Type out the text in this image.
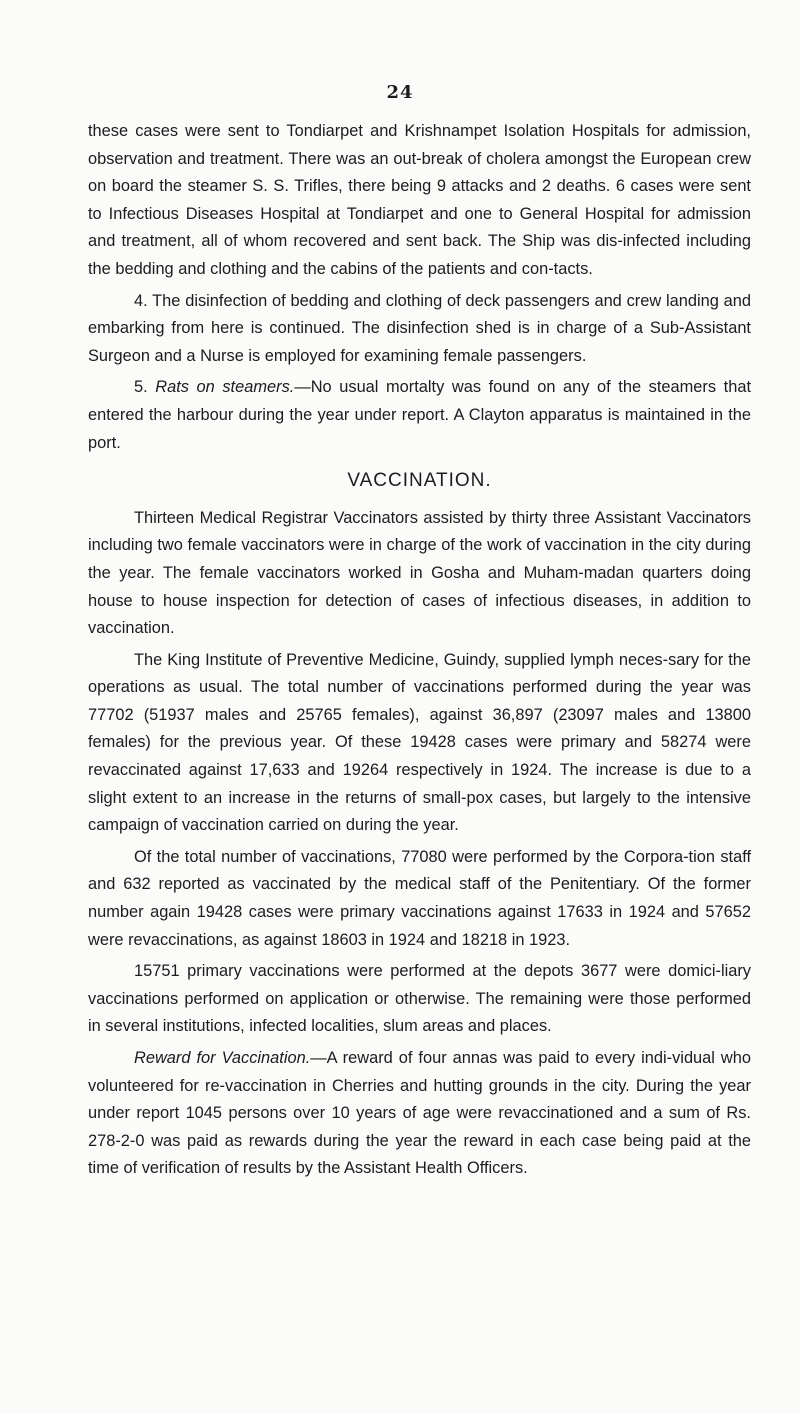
24

these cases were sent to Tondiarpet and Krishnampet Isolation Hospitals for admission, observation and treatment. There was an out-break of cholera amongst the European crew on board the steamer S. S. Trifles, there being 9 attacks and 2 deaths. 6 cases were sent to Infectious Diseases Hospital at Tondiarpet and one to General Hospital for admission and treatment, all of whom recovered and sent back. The Ship was dis-infected including the bedding and clothing and the cabins of the patients and con-tacts.

4. The disinfection of bedding and clothing of deck passengers and crew landing and embarking from here is continued. The disinfection shed is in charge of a Sub-Assistant Surgeon and a Nurse is employed for examining female passengers.

5. Rats on steamers.—No usual mortalty was found on any of the steamers that entered the harbour during the year under report. A Clayton apparatus is maintained in the port.

VACCINATION.

Thirteen Medical Registrar Vaccinators assisted by thirty three Assistant Vaccinators including two female vaccinators were in charge of the work of vaccination in the city during the year. The female vaccinators worked in Gosha and Muham-madan quarters doing house to house inspection for detection of cases of infectious diseases, in addition to vaccination.

The King Institute of Preventive Medicine, Guindy, supplied lymph neces-sary for the operations as usual. The total number of vaccinations performed during the year was 77702 (51937 males and 25765 females), against 36,897 (23097 males and 13800 females) for the previous year. Of these 19428 cases were primary and 58274 were revaccinated against 17,633 and 19264 respectively in 1924. The increase is due to a slight extent to an increase in the returns of small-pox cases, but largely to the intensive campaign of vaccination carried on during the year.

Of the total number of vaccinations, 77080 were performed by the Corpora-tion staff and 632 reported as vaccinated by the medical staff of the Penitentiary. Of the former number again 19428 cases were primary vaccinations against 17633 in 1924 and 57652 were revaccinations, as against 18603 in 1924 and 18218 in 1923.

15751 primary vaccinations were performed at the depots 3677 were domici-liary vaccinations performed on application or otherwise. The remaining were those performed in several institutions, infected localities, slum areas and places.

Reward for Vaccination.—A reward of four annas was paid to every indi-vidual who volunteered for re-vaccination in Cherries and hutting grounds in the city. During the year under report 1045 persons over 10 years of age were revaccinationed and a sum of Rs. 278-2-0 was paid as rewards during the year the reward in each case being paid at the time of verification of results by the Assistant Health Officers.
